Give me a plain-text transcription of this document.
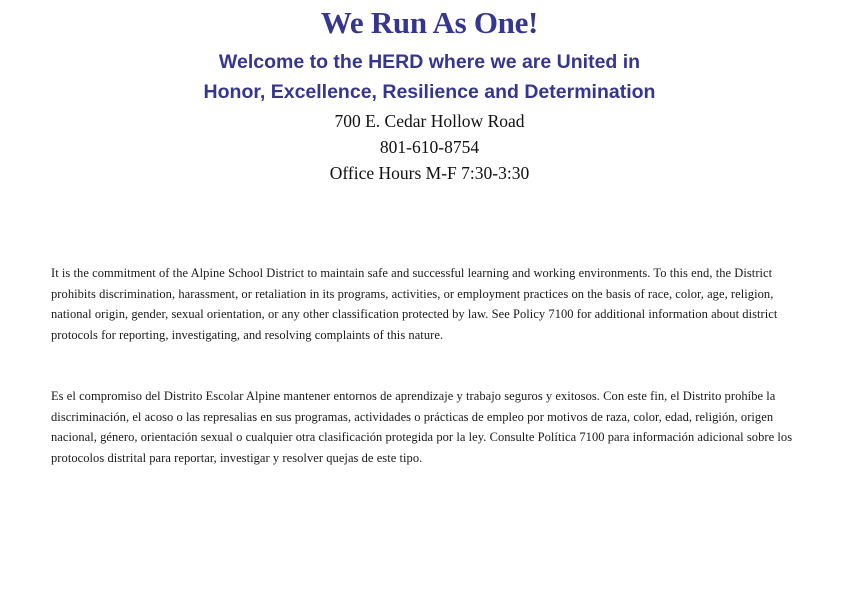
We Run As One!

Welcome to the HERD where we are United in

Honor, Excellence, Resilience and Determination

700 E. Cedar Hollow Road

801-610-8754

Office Hours M-F 7:30-3:30

It is the commitment of the Alpine School District to maintain safe and successful learning and working environments. To this end, the District prohibits discrimination, harassment, or retaliation in its programs, activities, or employment practices on the basis of race, color, age, religion, national origin, gender, sexual orientation, or any other classification protected by law. See Policy 7100 for additional information about district protocols for reporting, investigating, and resolving complaints of this nature.

Es el compromiso del Distrito Escolar Alpine mantener entornos de aprendizaje y trabajo seguros y exitosos. Con este fin, el Distrito prohíbe la discriminación, el acoso o las represalias en sus programas, actividades o prácticas de empleo por motivos de raza, color, edad, religión, origen nacional, género, orientación sexual o cualquier otra clasificación protegida por la ley. Consulte Política 7100 para información adicional sobre los protocolos distrital para reportar, investigar y resolver quejas de este tipo.
